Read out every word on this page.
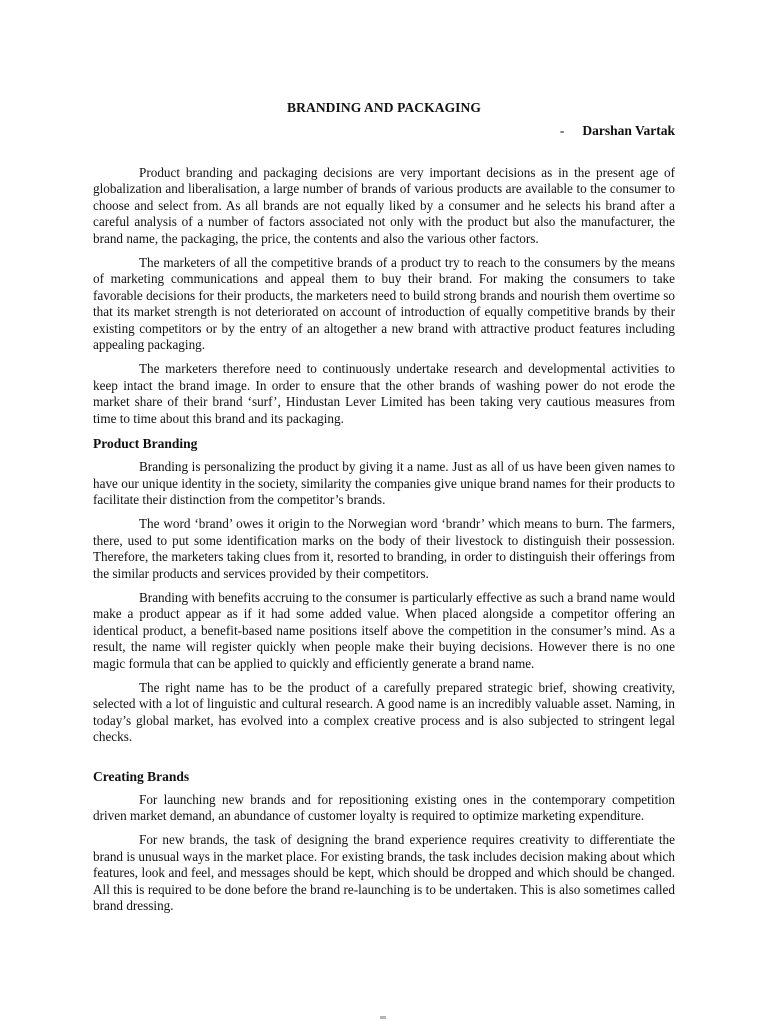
BRANDING AND PACKAGING
- Darshan Vartak

Product branding and packaging decisions are very important decisions as in the present age of globalization and liberalisation, a large number of brands of various products are available to the consumer to choose and select from. As all brands are not equally liked by a consumer and he selects his brand after a careful analysis of a number of factors associated not only with the product but also the manufacturer, the brand name, the packaging, the price, the contents and also the various other factors.

The marketers of all the competitive brands of a product try to reach to the consumers by the means of marketing communications and appeal them to buy their brand. For making the consumers to take favorable decisions for their products, the marketers need to build strong brands and nourish them overtime so that its market strength is not deteriorated on account of introduction of equally competitive brands by their existing competitors or by the entry of an altogether a new brand with attractive product features including appealing packaging.

The marketers therefore need to continuously undertake research and developmental activities to keep intact the brand image. In order to ensure that the other brands of washing power do not erode the market share of their brand ‘surf’, Hindustan Lever Limited has been taking very cautious measures from time to time about this brand and its packaging.

Product Branding

Branding is personalizing the product by giving it a name. Just as all of us have been given names to have our unique identity in the society, similarity the companies give unique brand names for their products to facilitate their distinction from the competitor’s brands.

The word ‘brand’ owes it origin to the Norwegian word ‘brandr’ which means to burn. The farmers, there, used to put some identification marks on the body of their livestock to distinguish their possession. Therefore, the marketers taking clues from it, resorted to branding, in order to distinguish their offerings from the similar products and services provided by their competitors.

Branding with benefits accruing to the consumer is particularly effective as such a brand name would make a product appear as if it had some added value. When placed alongside a competitor offering an identical product, a benefit-based name positions itself above the competition in the consumer’s mind. As a result, the name will register quickly when people make their buying decisions. However there is no one magic formula that can be applied to quickly and efficiently generate a brand name.

The right name has to be the product of a carefully prepared strategic brief, showing creativity, selected with a lot of linguistic and cultural research. A good name is an incredibly valuable asset. Naming, in today’s global market, has evolved into a complex creative process and is also subjected to stringent legal checks.

Creating Brands

For launching new brands and for repositioning existing ones in the contemporary competition driven market demand, an abundance of customer loyalty is required to optimize marketing expenditure.

For new brands, the task of designing the brand experience requires creativity to differentiate the brand is unusual ways in the market place. For existing brands, the task includes decision making about which features, look and feel, and messages should be kept, which should be dropped and which should be changed. All this is required to be done before the brand re-launching is to be undertaken. This is also sometimes called brand dressing.
